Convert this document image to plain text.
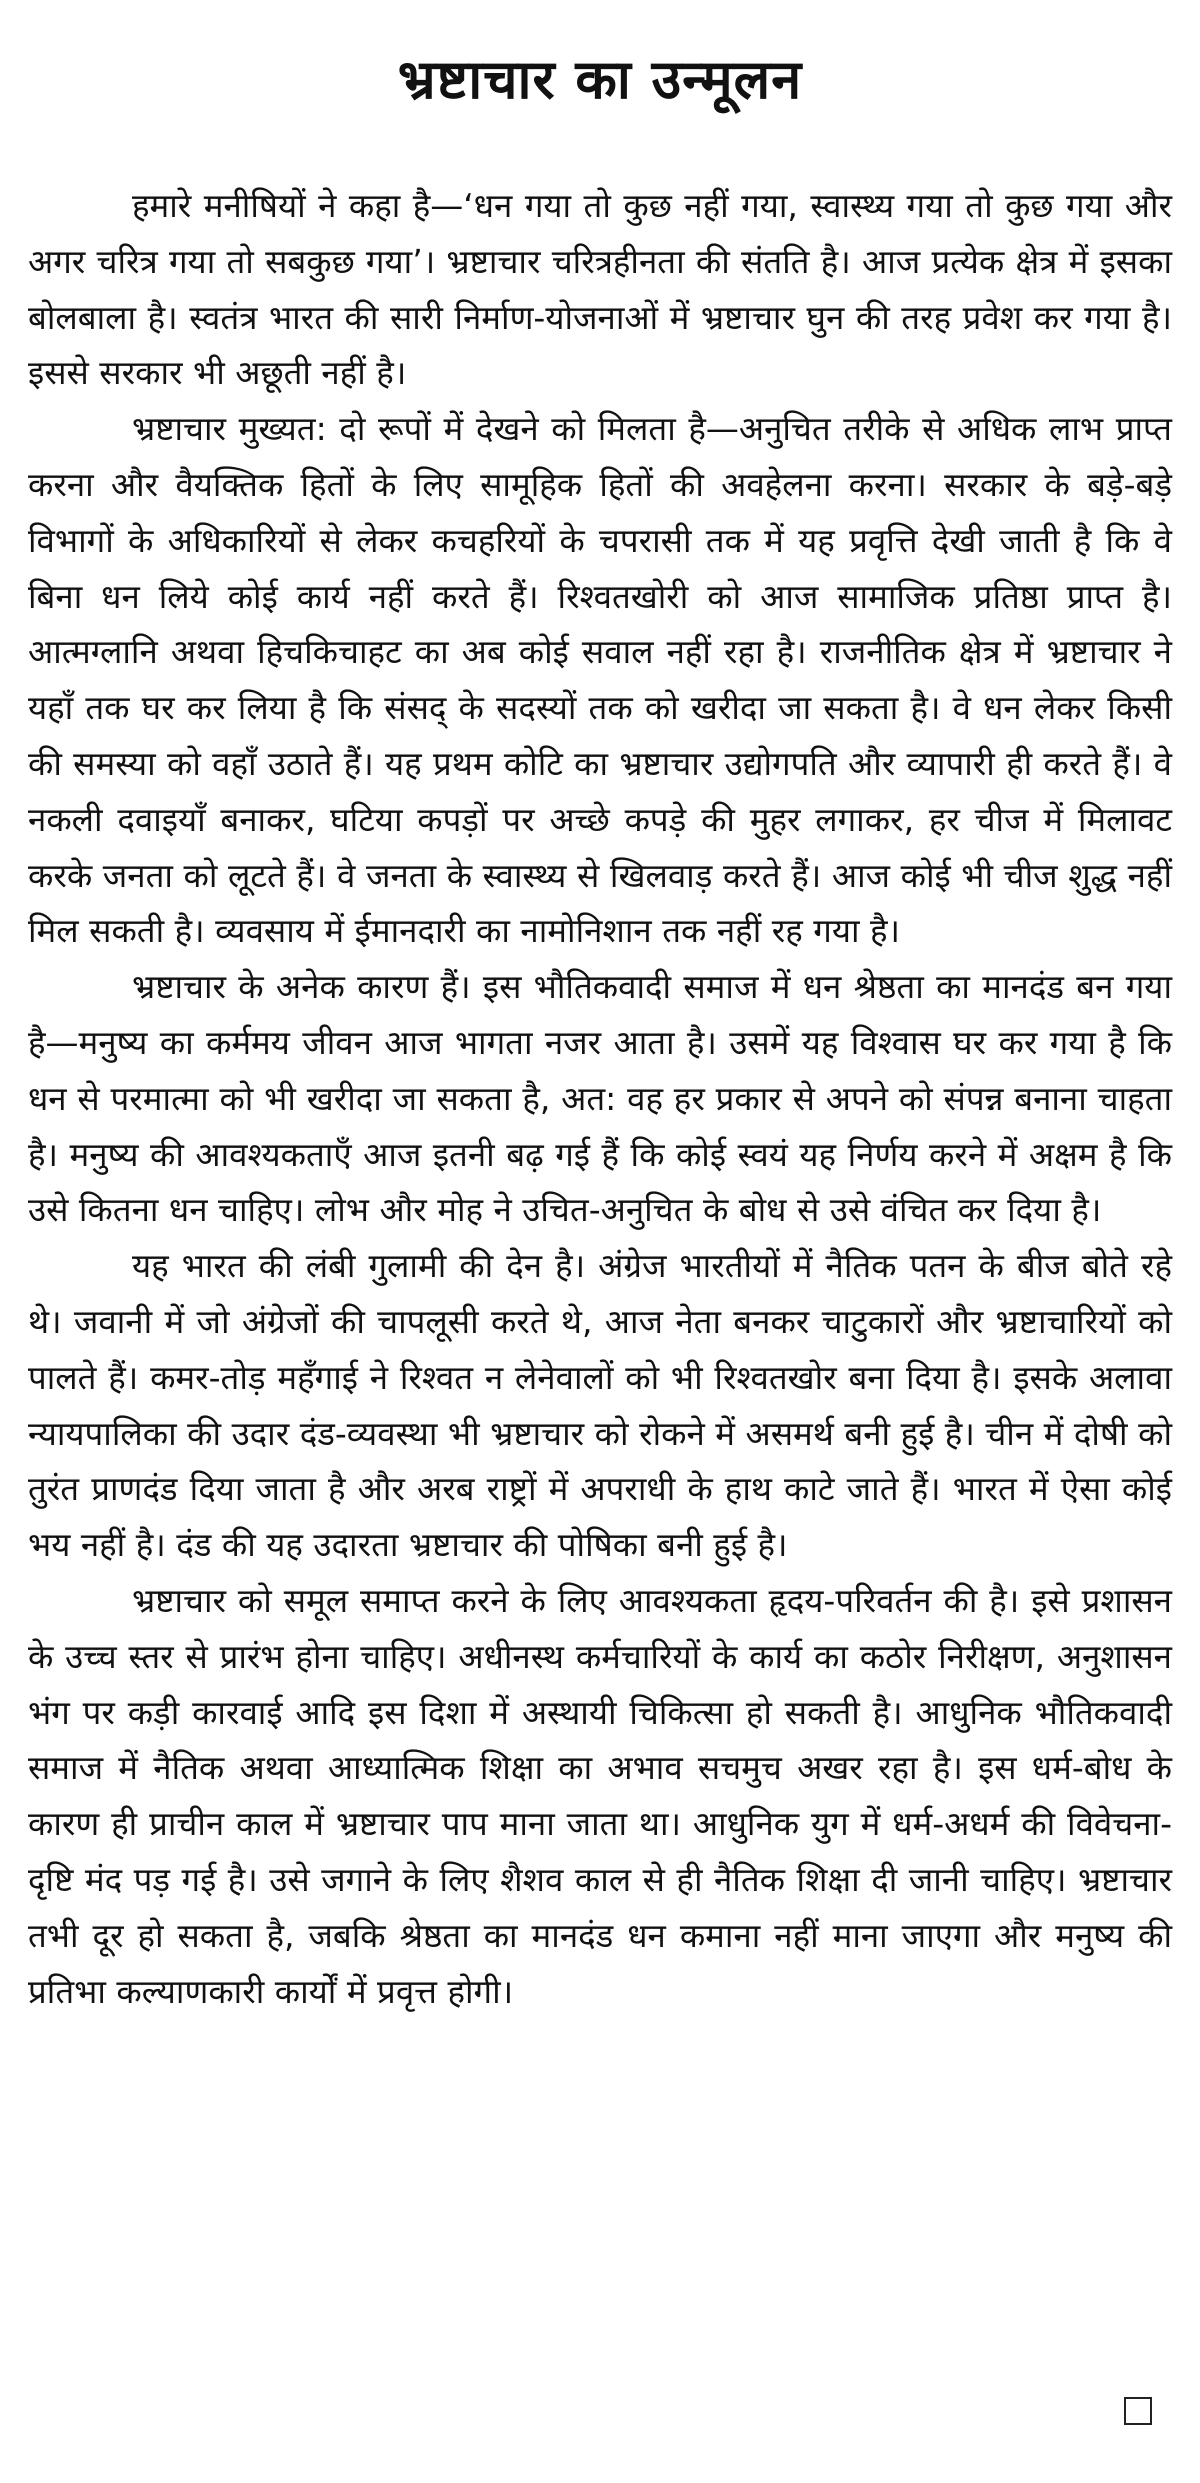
भ्रष्टाचार का उन्मूलन

हमारे मनीषियों ने कहा है—‘धन गया तो कुछ नहीं गया, स्वास्थ्य गया तो कुछ गया और अगर चरित्र गया तो सबकुछ गया’। भ्रष्टाचार चरित्रहीनता की संतति है। आज प्रत्येक क्षेत्र में इसका बोलबाला है। स्वतंत्र भारत की सारी निर्माण-योजनाओं में भ्रष्टाचार घुन की तरह प्रवेश कर गया है। इससे सरकार भी अछूती नहीं है।

भ्रष्टाचार मुख्यत: दो रूपों में देखने को मिलता है—अनुचित तरीके से अधिक लाभ प्राप्त करना और वैयक्तिक हितों के लिए सामूहिक हितों की अवहेलना करना। सरकार के बड़े-बड़े विभागों के अधिकारियों से लेकर कचहरियों के चपरासी तक में यह प्रवृत्ति देखी जाती है कि वे बिना धन लिये कोई कार्य नहीं करते हैं। रिश्वतखोरी को आज सामाजिक प्रतिष्ठा प्राप्त है। आत्मग्लानि अथवा हिचकिचाहट का अब कोई सवाल नहीं रहा है। राजनीतिक क्षेत्र में भ्रष्टाचार ने यहाँ तक घर कर लिया है कि संसद् के सदस्यों तक को खरीदा जा सकता है। वे धन लेकर किसी की समस्या को वहाँ उठाते हैं। यह प्रथम कोटि का भ्रष्टाचार उद्योगपति और व्यापारी ही करते हैं। वे नकली दवाइयाँ बनाकर, घटिया कपड़ों पर अच्छे कपड़े की मुहर लगाकर, हर चीज में मिलावट करके जनता को लूटते हैं। वे जनता के स्वास्थ्य से खिलवाड़ करते हैं। आज कोई भी चीज शुद्ध नहीं मिल सकती है। व्यवसाय में ईमानदारी का नामोनिशान तक नहीं रह गया है।

भ्रष्टाचार के अनेक कारण हैं। इस भौतिकवादी समाज में धन श्रेष्ठता का मानदंड बन गया है—मनुष्य का कर्ममय जीवन आज भागता नजर आता है। उसमें यह विश्वास घर कर गया है कि धन से परमात्मा को भी खरीदा जा सकता है, अत: वह हर प्रकार से अपने को संपन्न बनाना चाहता है। मनुष्य की आवश्यकताएँ आज इतनी बढ़ गई हैं कि कोई स्वयं यह निर्णय करने में अक्षम है कि उसे कितना धन चाहिए। लोभ और मोह ने उचित-अनुचित के बोध से उसे वंचित कर दिया है।

यह भारत की लंबी गुलामी की देन है। अंग्रेज भारतीयों में नैतिक पतन के बीज बोते रहे थे। जवानी में जो अंग्रेजों की चापलूसी करते थे, आज नेता बनकर चाटुकारों और भ्रष्टाचारियों को पालते हैं। कमर-तोड़ महँगाई ने रिश्वत न लेनेवालों को भी रिश्वतखोर बना दिया है। इसके अलावा न्यायपालिका की उदार दंड-व्यवस्था भी भ्रष्टाचार को रोकने में असमर्थ बनी हुई है। चीन में दोषी को तुरंत प्राणदंड दिया जाता है और अरब राष्ट्रों में अपराधी के हाथ काटे जाते हैं। भारत में ऐसा कोई भय नहीं है। दंड की यह उदारता भ्रष्टाचार की पोषिका बनी हुई है।

भ्रष्टाचार को समूल समाप्त करने के लिए आवश्यकता हृदय-परिवर्तन की है। इसे प्रशासन के उच्च स्तर से प्रारंभ होना चाहिए। अधीनस्थ कर्मचारियों के कार्य का कठोर निरीक्षण, अनुशासन भंग पर कड़ी कारवाई आदि इस दिशा में अस्थायी चिकित्सा हो सकती है। आधुनिक भौतिकवादी समाज में नैतिक अथवा आध्यात्मिक शिक्षा का अभाव सचमुच अखर रहा है। इस धर्म-बोध के कारण ही प्राचीन काल में भ्रष्टाचार पाप माना जाता था। आधुनिक युग में धर्म-अधर्म की विवेचना-दृष्टि मंद पड़ गई है। उसे जगाने के लिए शैशव काल से ही नैतिक शिक्षा दी जानी चाहिए। भ्रष्टाचार तभी दूर हो सकता है, जबकि श्रेष्ठता का मानदंड धन कमाना नहीं माना जाएगा और मनुष्य की प्रतिभा कल्याणकारी कार्यों में प्रवृत्त होगी।
